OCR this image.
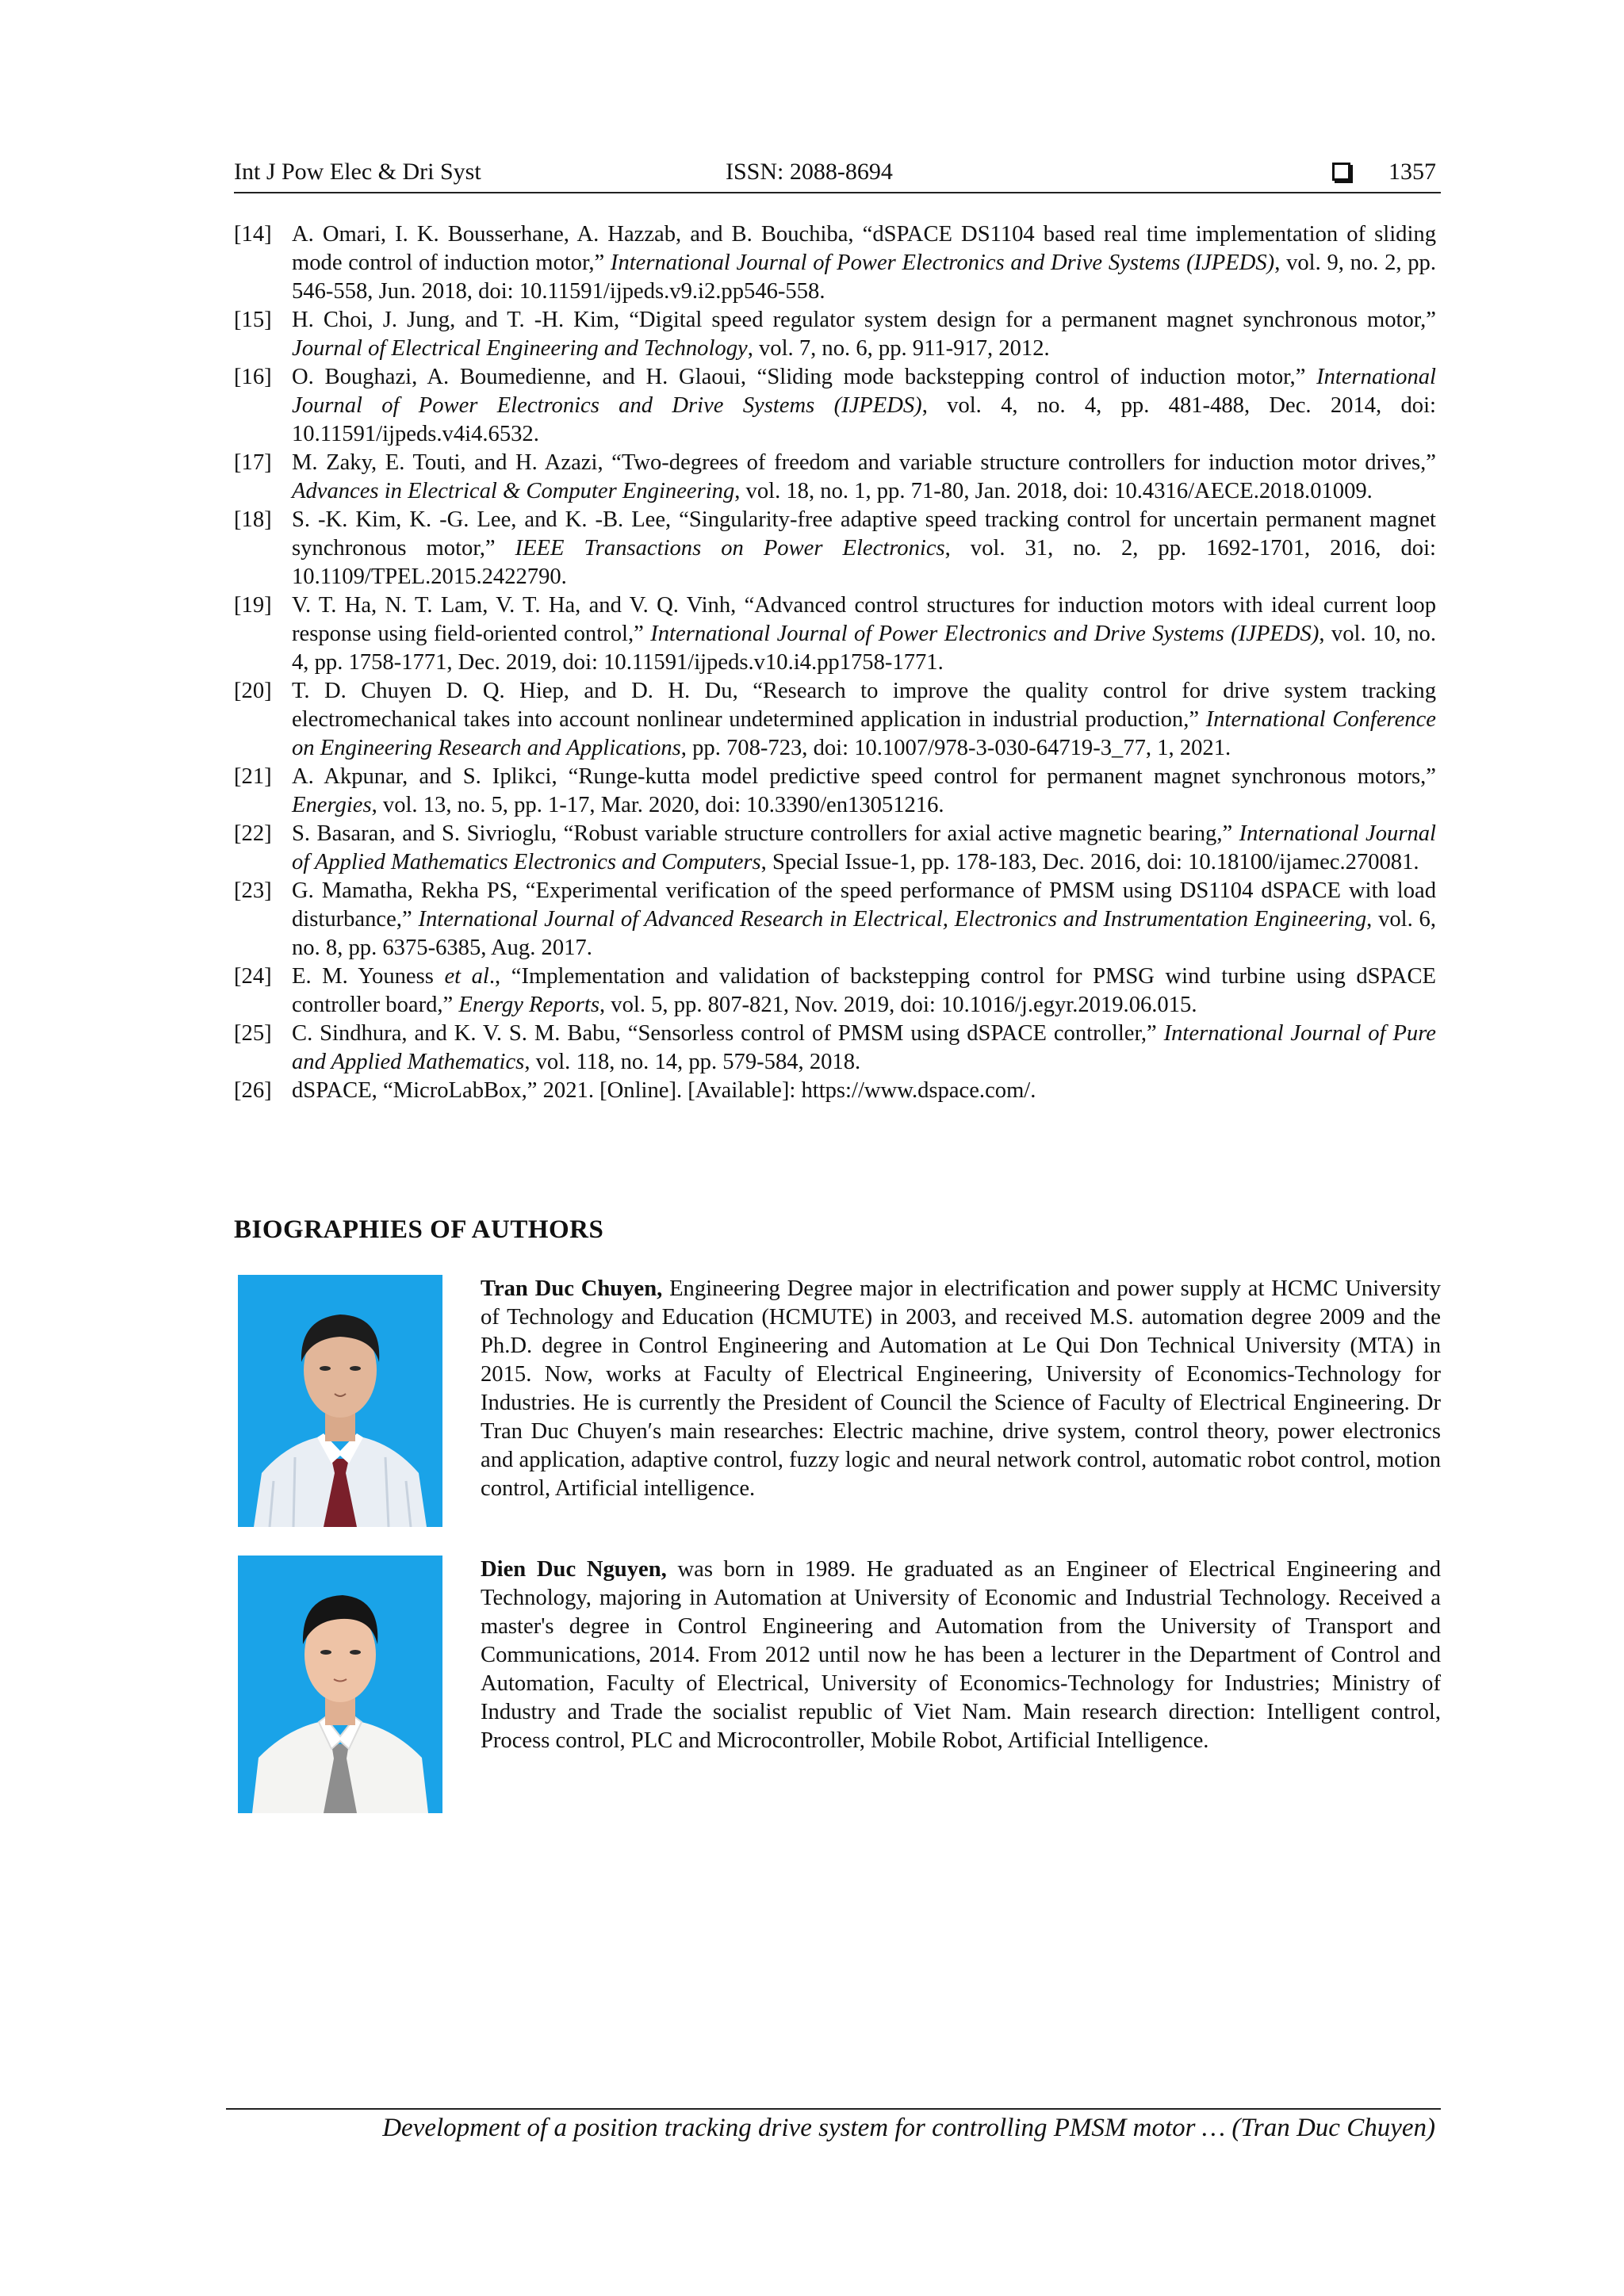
Int J Pow Elec & Dri Syst	ISSN: 2088-8694	1357
[14] A. Omari, I. K. Bousserhane, A. Hazzab, and B. Bouchiba, “dSPACE DS1104 based real time implementation of sliding mode control of induction motor,” International Journal of Power Electronics and Drive Systems (IJPEDS), vol. 9, no. 2, pp. 546-558, Jun. 2018, doi: 10.11591/ijpeds.v9.i2.pp546-558.
[15] H. Choi, J. Jung, and T. -H. Kim, “Digital speed regulator system design for a permanent magnet synchronous motor,” Journal of Electrical Engineering and Technology, vol. 7, no. 6, pp. 911-917, 2012.
[16] O. Boughazi, A. Boumedienne, and H. Glaoui, “Sliding mode backstepping control of induction motor,” International Journal of Power Electronics and Drive Systems (IJPEDS), vol. 4, no. 4, pp. 481-488, Dec. 2014, doi: 10.11591/ijpeds.v4i4.6532.
[17] M. Zaky, E. Touti, and H. Azazi, “Two-degrees of freedom and variable structure controllers for induction motor drives,” Advances in Electrical & Computer Engineering, vol. 18, no. 1, pp. 71-80, Jan. 2018, doi: 10.4316/AECE.2018.01009.
[18] S. -K. Kim, K. -G. Lee, and K. -B. Lee, “Singularity-free adaptive speed tracking control for uncertain permanent magnet synchronous motor,” IEEE Transactions on Power Electronics, vol. 31, no. 2, pp. 1692-1701, 2016, doi: 10.1109/TPEL.2015.2422790.
[19] V. T. Ha, N. T. Lam, V. T. Ha, and V. Q. Vinh, “Advanced control structures for induction motors with ideal current loop response using field-oriented control,” International Journal of Power Electronics and Drive Systems (IJPEDS), vol. 10, no. 4, pp. 1758-1771, Dec. 2019, doi: 10.11591/ijpeds.v10.i4.pp1758-1771.
[20] T. D. Chuyen D. Q. Hiep, and D. H. Du, “Research to improve the quality control for drive system tracking electromechanical takes into account nonlinear undetermined application in industrial production,” International Conference on Engineering Research and Applications, pp. 708-723, doi: 10.1007/978-3-030-64719-3_77, 1, 2021.
[21] A. Akpunar, and S. Iplikci, “Runge-kutta model predictive speed control for permanent magnet synchronous motors,” Energies, vol. 13, no. 5, pp. 1-17, Mar. 2020, doi: 10.3390/en13051216.
[22] S. Basaran, and S. Sivrioglu, “Robust variable structure controllers for axial active magnetic bearing,” International Journal of Applied Mathematics Electronics and Computers, Special Issue-1, pp. 178-183, Dec. 2016, doi: 10.18100/ijamec.270081.
[23] G. Mamatha, Rekha PS, “Experimental verification of the speed performance of PMSM using DS1104 dSPACE with load disturbance,” International Journal of Advanced Research in Electrical, Electronics and Instrumentation Engineering, vol. 6, no. 8, pp. 6375-6385, Aug. 2017.
[24] E. M. Youness et al., “Implementation and validation of backstepping control for PMSG wind turbine using dSPACE controller board,” Energy Reports, vol. 5, pp. 807-821, Nov. 2019, doi: 10.1016/j.egyr.2019.06.015.
[25] C. Sindhura, and K. V. S. M. Babu, “Sensorless control of PMSM using dSPACE controller,” International Journal of Pure and Applied Mathematics, vol. 118, no. 14, pp. 579-584, 2018.
[26] dSPACE, “MicroLabBox,” 2021. [Online]. [Available]: https://www.dspace.com/.
BIOGRAPHIES OF AUTHORS
Tran Duc Chuyen, Engineering Degree major in electrification and power supply at HCMC University of Technology and Education (HCMUTE) in 2003, and received M.S. automation degree 2009 and the Ph.D. degree in Control Engineering and Automation at Le Qui Don Technical University (MTA) in 2015. Now, works at Faculty of Electrical Engineering, University of Economics-Technology for Industries. He is currently the President of Council the Science of Faculty of Electrical Engineering. Dr Tran Duc Chuyen′s main researches: Electric machine, drive system, control theory, power electronics and application, adaptive control, fuzzy logic and neural network control, automatic robot control, motion control, Artificial intelligence.
Dien Duc Nguyen, was born in 1989. He graduated as an Engineer of Electrical Engineering and Technology, majoring in Automation at University of Economic and Industrial Technology. Received a master's degree in Control Engineering and Automation from the University of Transport and Communications, 2014. From 2012 until now he has been a lecturer in the Department of Control and Automation, Faculty of Electrical, University of Economics-Technology for Industries; Ministry of Industry and Trade the socialist republic of Viet Nam. Main research direction: Intelligent control, Process control, PLC and Microcontroller, Mobile Robot, Artificial Intelligence.
Development of a position tracking drive system for controlling PMSM motor … (Tran Duc Chuyen)
